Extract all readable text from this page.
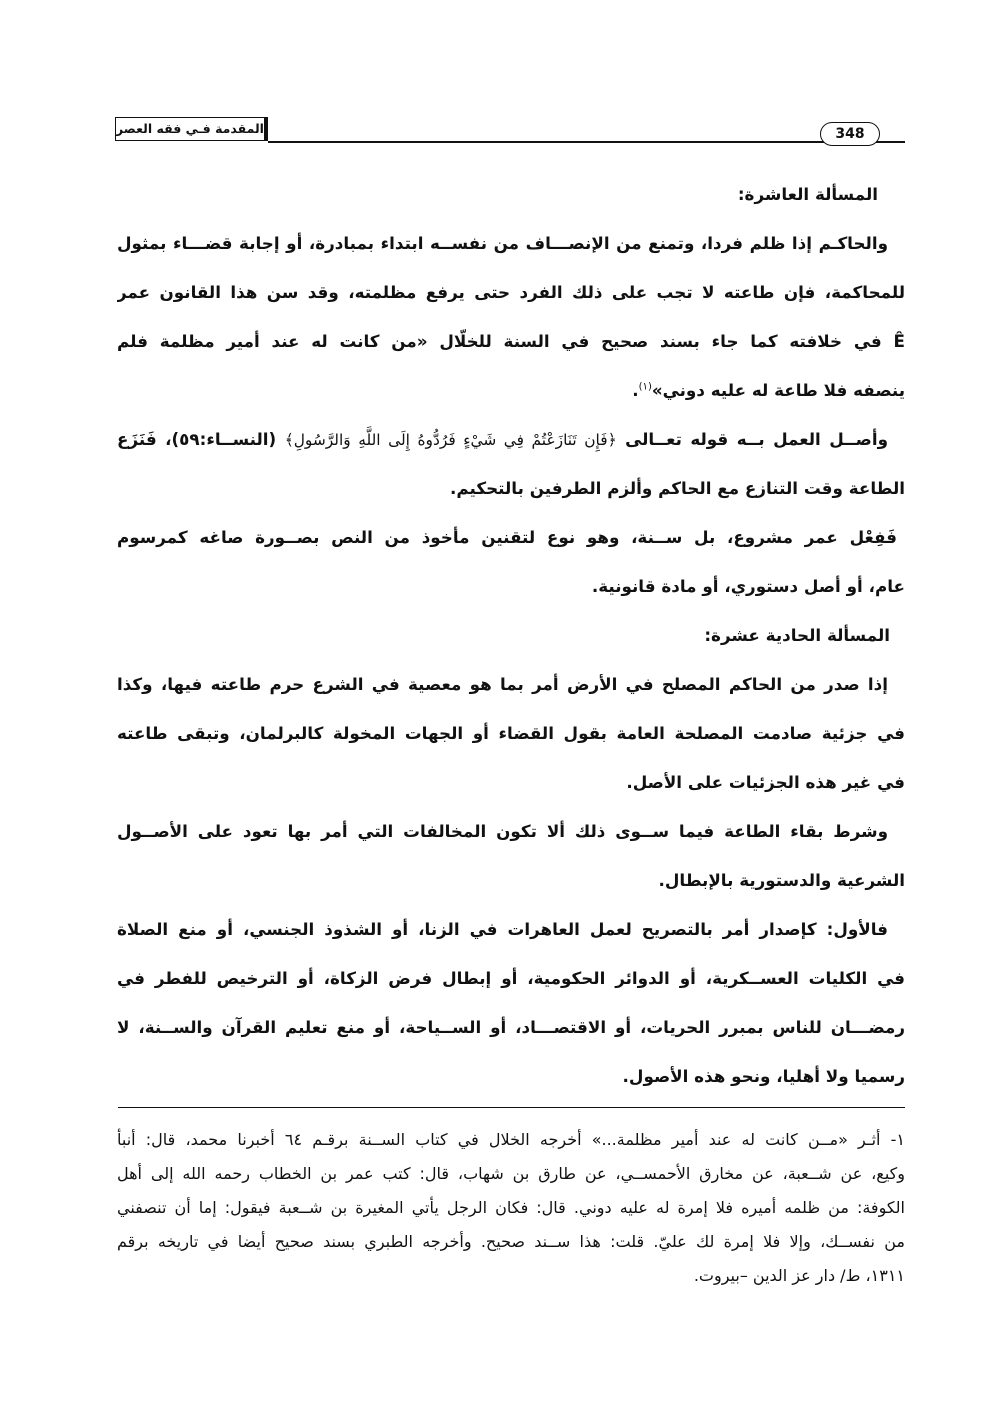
المقدمة فـي فقه العصر	348
المسألة العاشرة:
والحاكـم إذا ظلم فردا، وتمنع من الإنصـــاف من نفســه ابتداء بمبادرة، أو إجابة قضـــاء بمثول
للمحاكمة، فإن طاعته لا تجب على ذلك الفرد حتى يرفع مظلمته، وقد سن هذا القانون عمر
Ê في خلافته كما جاء بسند صحيح في السنة للخلّال «من كانت له عند أمير مظلمة فلم
ينصفه فلا طاعة له عليه دوني»$^{(١)}$.
وأصــل العمل بــه قوله تعــالى ﴿فَإِن تَنَازَعْتُمْ فِي شَيْءٍ فَرُدُّوهُ إِلَى اللَّهِ وَالرَّسُولِ﴾ (النســاء:٥٩)، فَنَزَع
الطاعة وقت التنازع مع الحاكم وألزم الطرفين بالتحكيم.
فَفِعْل عمر مشروع، بل ســنة، وهو نوع لتقنين مأخوذ من النص بصــورة صاغه كمرسوم
عام، أو أصل دستوري، أو مادة قانونية.
المسألة الحادية عشرة:
إذا صدر من الحاكم المصلح في الأرض أمر بما هو معصية في الشرع حرم طاعته فيها، وكذا
في جزئية صادمت المصلحة العامة بقول القضاء أو الجهات المخولة كالبرلمان، وتبقى طاعته
في غير هذه الجزئيات على الأصل.
وشرط بقاء الطاعة فيما ســوى ذلك ألا تكون المخالفات التي أمر بها تعود على الأصــول
الشرعية والدستورية بالإبطال.
فالأول: كإصدار أمر بالتصريح لعمل العاهرات في الزنا، أو الشذوذ الجنسي، أو منع الصلاة
في الكليات العســكرية، أو الدوائر الحكومية، أو إبطال فرض الزكاة، أو الترخيص للفطر في
رمضـــان للناس بمبرر الحريات، أو الاقتصـــاد، أو الســياحة، أو منع تعليم القرآن والســنة، لا
رسميا ولا أهليا، ونحو هذه الأصول.
١- أثـر «مــن كانت له عند أمير مظلمة...» أخرجه الخلال في كتاب الســنة برقـم ٦٤ أخبرنا محمد، قال: أنبأ
وكيع، عن شــعبة، عن مخارق الأحمســي، عن طارق بن شهاب، قال: كتب عمر بن الخطاب رحمه الله إلى أهل
الكوفة: من ظلمه أميره فلا إمرة له عليه دوني. قال: فكان الرجل يأتي المغيرة بن شــعبة فيقول: إما أن تنصفني
من نفســك، وإلا فلا إمرة لك عليّ. قلت: هذا ســند صحيح. وأخرجه الطبري بسند صحيح أيضا في تاريخه برقم
١٣١١، ط/ دار عز الدين –بيروت.
